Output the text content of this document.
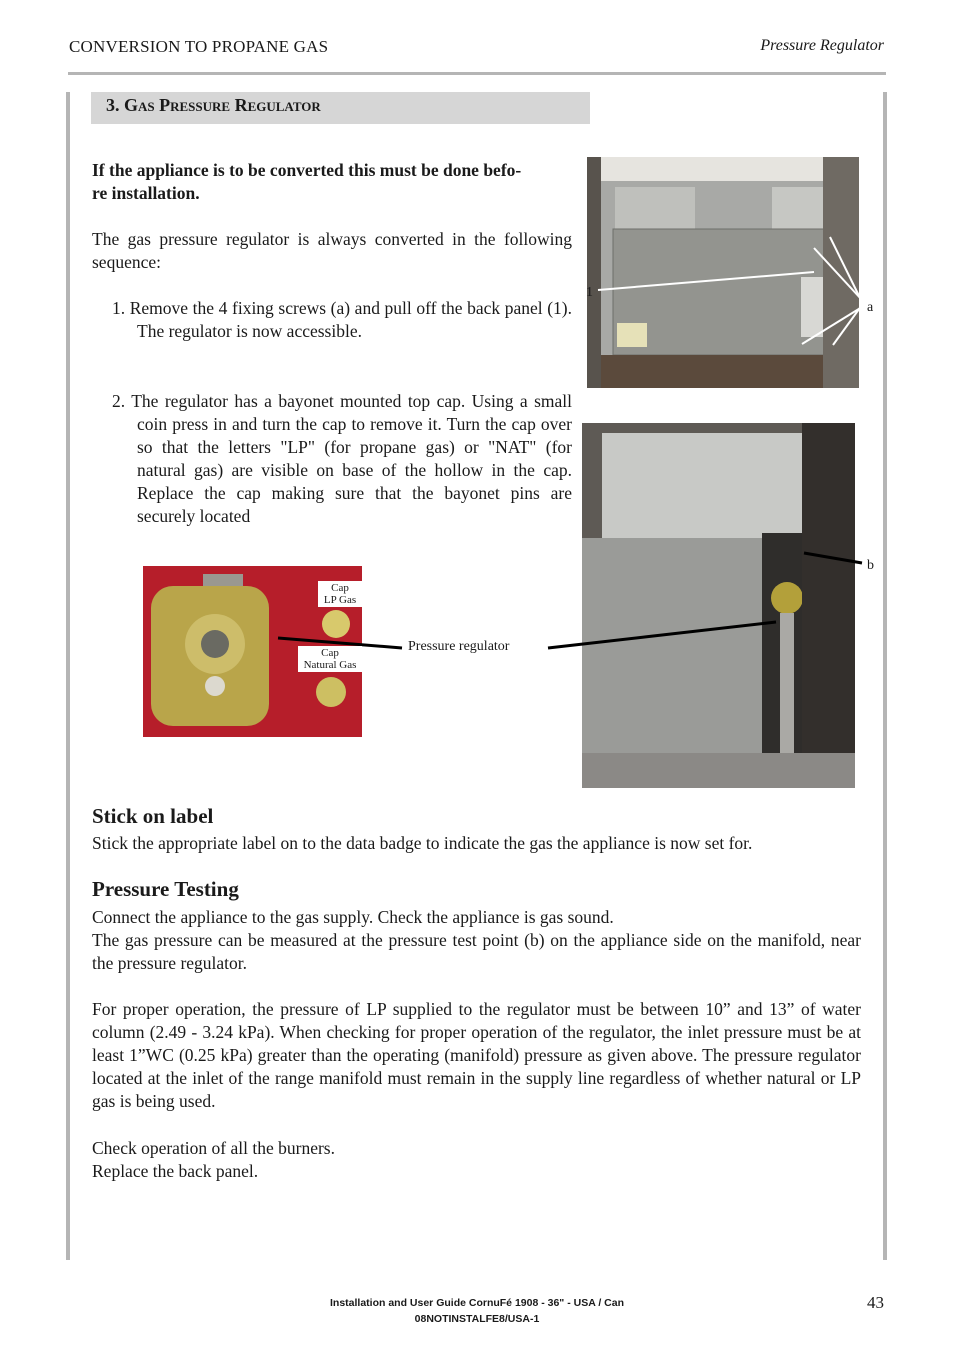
CONVERSION TO PROPANE GAS	Pressure Regulator
3. Gas Pressure Regulator
If the appliance is to be converted this must be done befo-
re installation.
The gas pressure regulator is always converted in the following sequence:
1. Remove the 4 fixing screws (a) and pull off the back panel (1). The regulator is now accessible.
2. The regulator has a bayonet mounted top cap. Using a small coin press in and turn the cap to remove it. Turn the cap over so that the letters "LP" (for propane gas) or "NAT" (for natural gas) are visible on base of the hollow in the cap. Replace the cap making sure that the bayonet pins are securely located
1
a
b
Pressure regulator
Cap
LP Gas
Cap
Natural Gas
Stick on label
Stick the appropriate label on to the data badge to indicate the gas the appliance is now set for.
Pressure Testing
Connect the appliance to the gas supply. Check the appliance is gas sound.
The gas pressure can be measured at the pressure test point (b) on the appliance side on the manifold, near the pressure regulator.
For proper operation, the pressure of LP supplied to the regulator must be between 10” and 13” of water column (2.49 - 3.24 kPa). When checking for proper operation of the regulator, the inlet pressure must be at least 1”WC (0.25 kPa) greater than the operating (manifold) pressure as given above. The pressure regulator located at the inlet of the range manifold must remain in the supply line regardless of whether natural or LP gas is being used.
Check operation of all the burners.
Replace the back panel.
Installation and User Guide CornuFé 1908 - 36" - USA / Can
08NOTINSTALFE8/USA-1
43
